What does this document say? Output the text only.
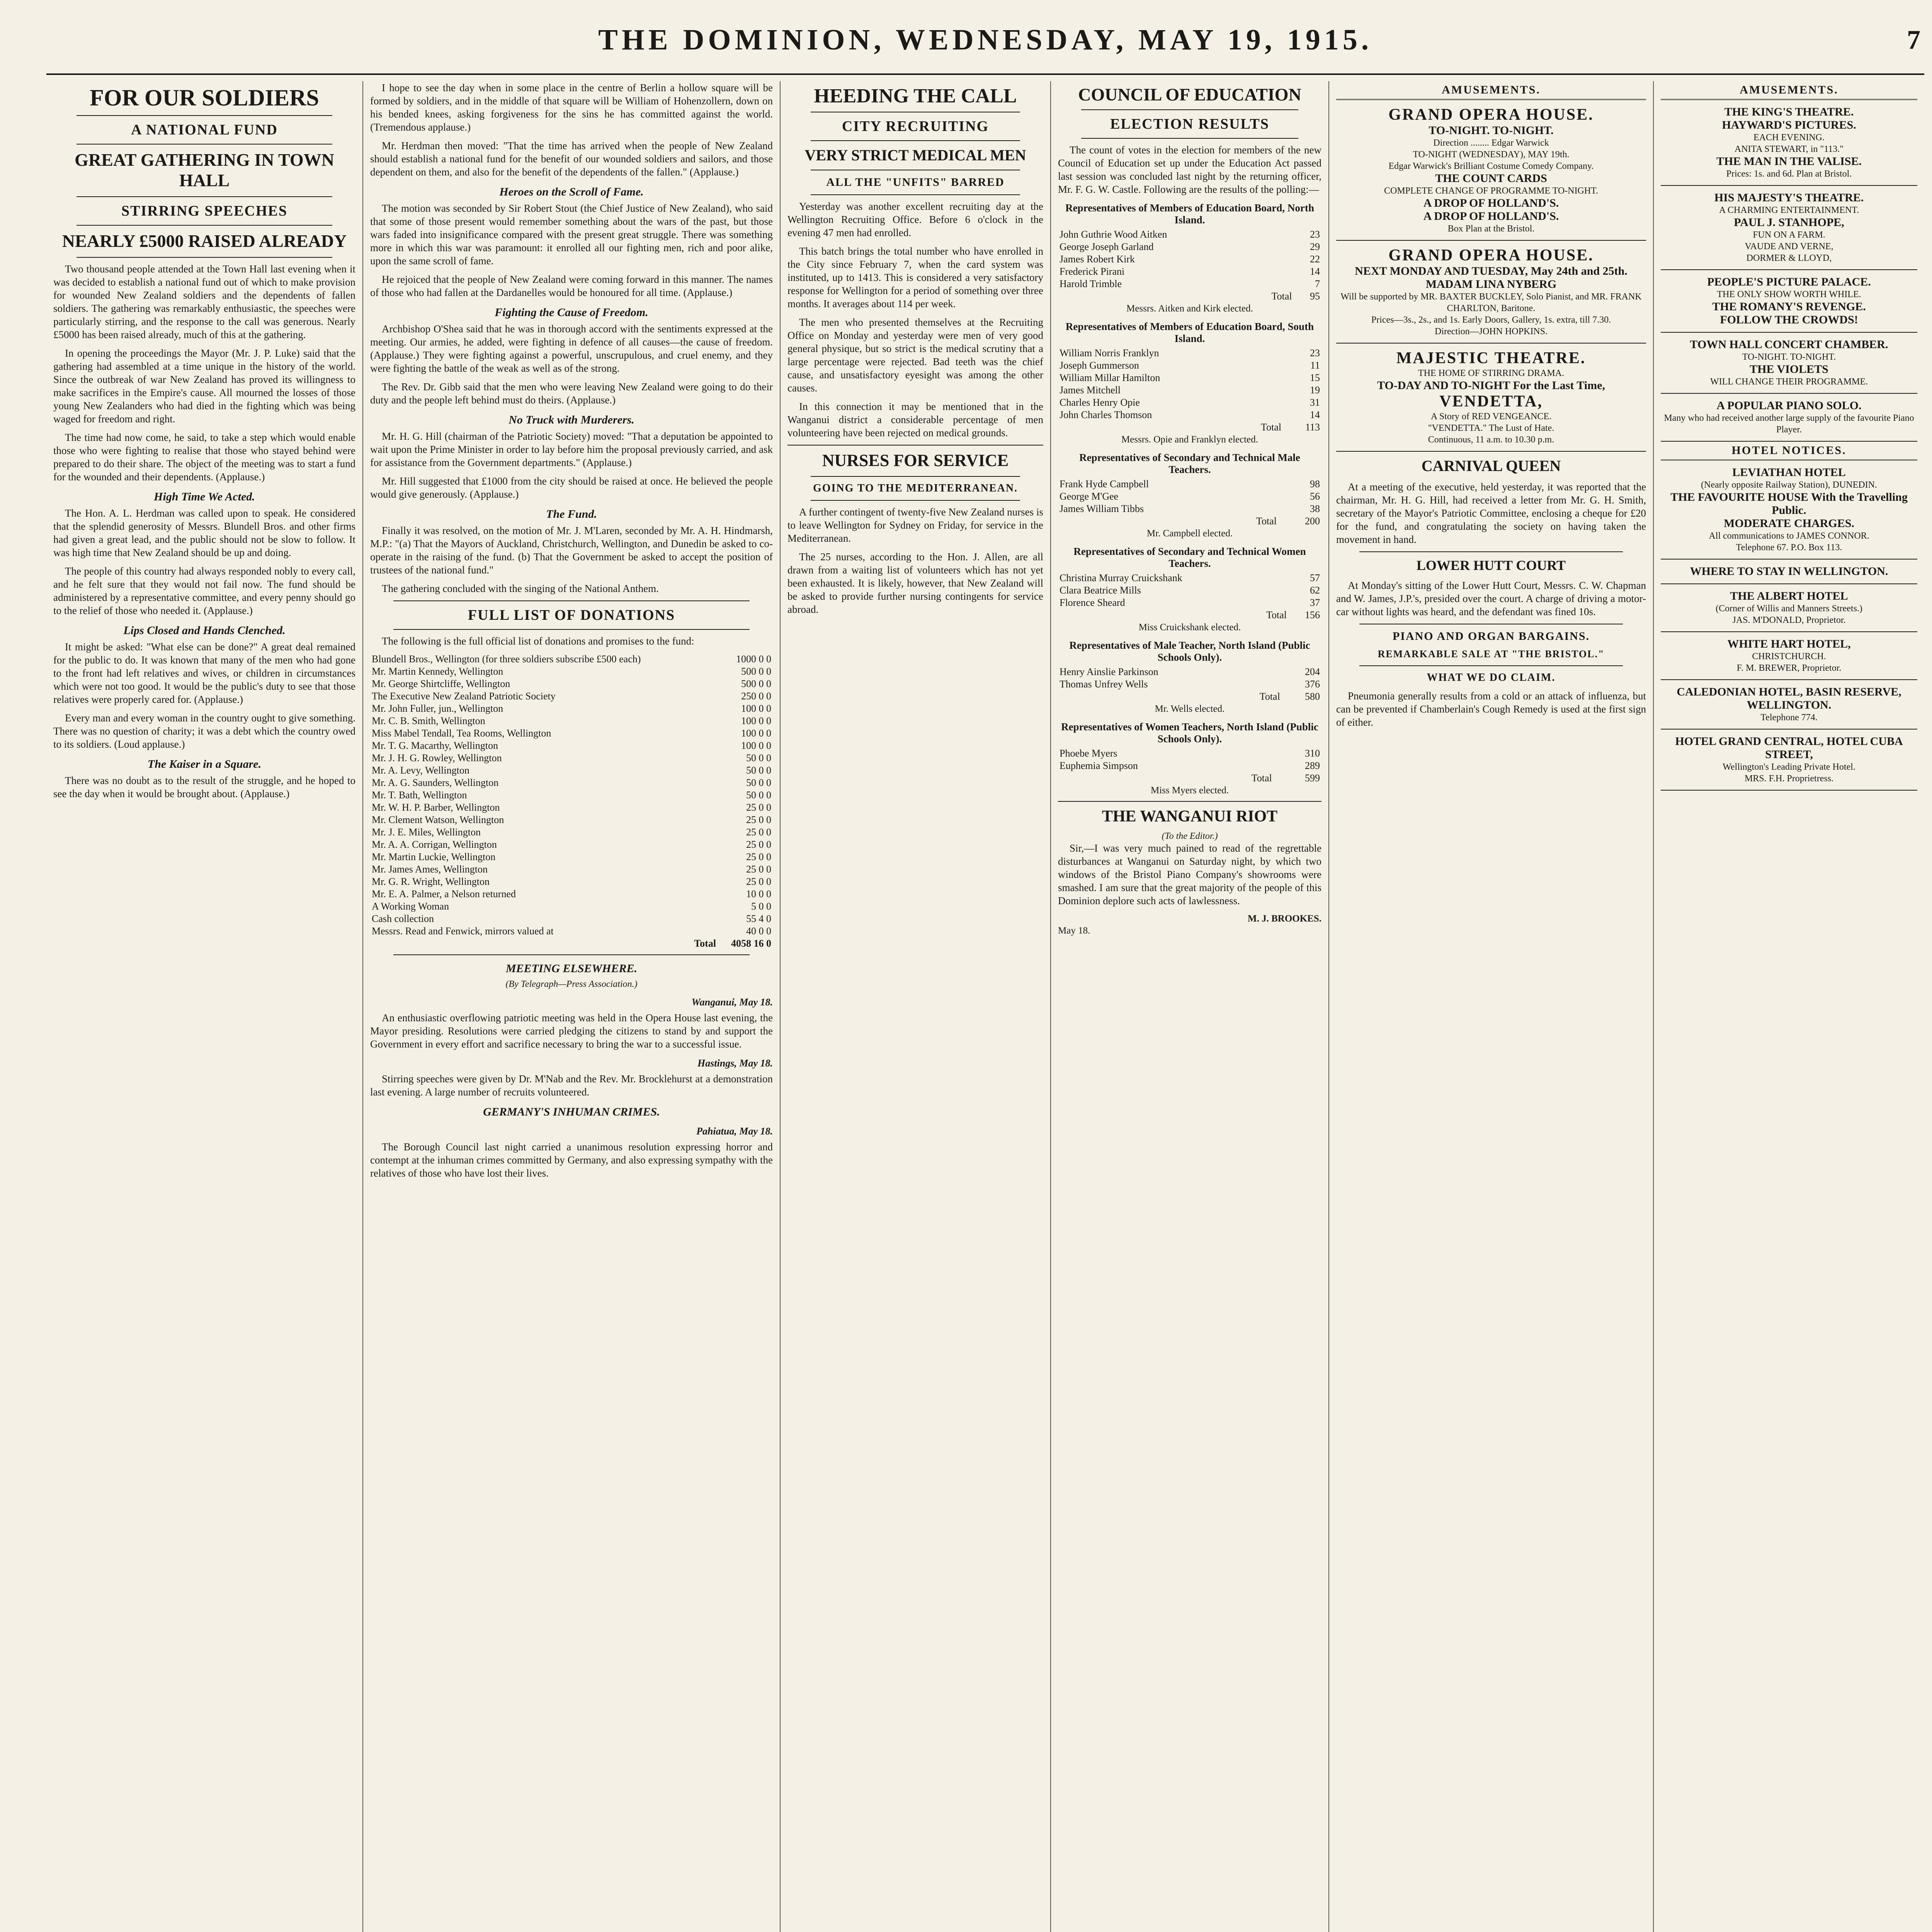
THE DOMINION, WEDNESDAY, MAY 19, 1915.	7
FOR OUR SOLDIERS
A NATIONAL FUND
GREAT GATHERING IN TOWN HALL
STIRRING SPEECHES
NEARLY £5000 RAISED ALREADY

Two thousand people attended at the Town Hall last evening when it was decided to establish a national fund out of which to make provision for wounded New Zealand soldiers and the dependents of fallen soldiers. The gathering was remarkably enthusiastic, the speeches were particularly stirring, and the response to the call was generous. Nearly £5000 has been raised already, much of this at the gathering.

In opening the proceedings the Mayor (Mr. J. P. Luke) said that the gathering had assembled at a time unique in the history of the world. Since the outbreak of war New Zealand has proved its willingness to make sacrifices in the Empire's cause. All mourned the losses of those young New Zealanders who had died in the fighting which was being waged for freedom and right.

The time had now come, he said, to take a step which would enable those who were fighting to realise that those who stayed behind were prepared to do their share. The object of the meeting was to start a fund for the wounded and their dependents. (Applause.)

High Time We Acted.

The Hon. A. L. Herdman was called upon to speak. He considered that the splendid generosity of Messrs. Blundell Bros. and other firms had given a great lead, and the public should not be slow to follow. It was high time that New Zealand should be up and doing.

The people of this country had always responded nobly to every call, and he felt sure that they would not fail now. The fund should be administered by a representative committee, and every penny should go to the relief of those who needed it. (Applause.)

Lips Closed and Hands Clenched.

It might be asked: "What else can be done?" A great deal remained for the public to do. It was known that many of the men who had gone to the front had left relatives and wives, or children in circumstances which were not too good. It would be the public's duty to see that those relatives were properly cared for. (Applause.)

Every man and every woman in the country ought to give something. There was no question of charity; it was a debt which the country owed to its soldiers. (Loud applause.)

The Kaiser in a Square.

There was no doubt as to the result of the struggle, and he hoped to see the day when it would be brought about. (Applause.)

I hope to see the day when in some place in the centre of Berlin a hollow square will be formed by soldiers, and in the middle of that square will be William of Hohenzollern, down on his bended knees, asking forgiveness for the sins he has committed against the world. (Tremendous applause.)

Mr. Herdman then moved: "That the time has arrived when the people of New Zealand should establish a national fund for the benefit of our wounded soldiers and sailors, and those dependent on them, and also for the benefit of the dependents of the fallen." (Applause.)

Heroes on the Scroll of Fame.

The motion was seconded by Sir Robert Stout (the Chief Justice of New Zealand), who said that some of those present would remember something about the wars of the past, but those wars faded into insignificance compared with the present great struggle. There was something more in which this war was paramount: it enrolled all our fighting men, rich and poor alike, upon the same scroll of fame.

He rejoiced that the people of New Zealand were coming forward in this manner. The names of those who had fallen at the Dardanelles would be honoured for all time. (Applause.)

Fighting the Cause of Freedom.

Archbishop O'Shea said that he was in thorough accord with the sentiments expressed at the meeting. Our armies, he added, were fighting in defence of all causes—the cause of freedom. (Applause.) They were fighting against a powerful, unscrupulous, and cruel enemy, and they were fighting the battle of the weak as well as of the strong.

The Rev. Dr. Gibb said that the men who were leaving New Zealand were going to do their duty and the people left behind must do theirs. (Applause.)

No Truck with Murderers.

Mr. H. G. Hill (chairman of the Patriotic Society) moved: "That a deputation be appointed to wait upon the Prime Minister in order to lay before him the proposal previously carried, and ask for assistance from the Government departments." (Applause.)

Mr. Hill suggested that £1000 from the city should be raised at once. He believed the people would give generously. (Applause.)

The Fund.

Finally it was resolved, on the motion of Mr. J. M'Laren, seconded by Mr. A. H. Hindmarsh, M.P.: "(a) That the Mayors of Auckland, Christchurch, Wellington, and Dunedin be asked to co-operate in the raising of the fund. (b) That the Government be asked to accept the position of trustees of the national fund."

The gathering concluded with the singing of the National Anthem.

FULL LIST OF DONATIONS

The following is the full official list of donations and promises to the fund:

Blundell Bros., Wellington (for three soldiers subscribe £500 each)	1000 0 0
Mr. Martin Kennedy, Wellington	500 0 0
Mr. George Shirtcliffe, Wellington	500 0 0
The Executive New Zealand Patriotic Society	250 0 0
Mr. John Fuller, jun., Wellington	100 0 0
Mr. C. B. Smith, Wellington	100 0 0
Miss Mabel Tendall, Tea Rooms, Wellington	100 0 0
Mr. T. G. Macarthy, Wellington	100 0 0
Mr. J. H. G. Rowley, Wellington	50 0 0
Mr. A. Levy, Wellington	50 0 0
Mr. A. G. Saunders, Wellington	50 0 0
Mr. T. Bath, Wellington	50 0 0
Mr. W. H. P. Barber, Wellington	25 0 0
Mr. Clement Watson, Wellington	25 0 0
Mr. J. E. Miles, Wellington	25 0 0
Mr. A. A. Corrigan, Wellington	25 0 0
Mr. Martin Luckie, Wellington	25 0 0
Mr. James Ames, Wellington	25 0 0
Mr. G. R. Wright, Wellington	25 0 0
Mr. E. A. Palmer, a Nelson returned	10 0 0
A Working Woman	5 0 0
Cash collection	55 4 0
Messrs. Read and Fenwick, mirrors valued at	40 0 0
Total	4058 16 0
MEETING ELSEWHERE.
(By Telegraph—Press Association.)
Wanganui, May 18.

An enthusiastic overflowing patriotic meeting was held in the Opera House last evening, the Mayor presiding. Resolutions were carried pledging the citizens to stand by and support the Government in every effort and sacrifice necessary to bring the war to a successful issue.

Hastings, May 18.

Stirring speeches were given by Dr. M'Nab and the Rev. Mr. Brocklehurst at a demonstration last evening. A large number of recruits volunteered.

GERMANY'S INHUMAN CRIMES.
Pahiatua, May 18.

The Borough Council last night carried a unanimous resolution expressing horror and contempt at the inhuman crimes committed by Germany, and also expressing sympathy with the relatives of those who have lost their lives.

HEEDING THE CALL
CITY RECRUITING
VERY STRICT MEDICAL MEN
ALL THE "UNFITS" BARRED

Yesterday was another excellent recruiting day at the Wellington Recruiting Office. Before 6 o'clock in the evening 47 men had enrolled.

This batch brings the total number who have enrolled in the City since February 7, when the card system was instituted, up to 1413. This is considered a very satisfactory response for Wellington for a period of something over three months. It averages about 114 per week.

The men who presented themselves at the Recruiting Office on Monday and yesterday were men of very good general physique, but so strict is the medical scrutiny that a large percentage were rejected. Bad teeth was the chief cause, and unsatisfactory eyesight was among the other causes.

In this connection it may be mentioned that in the Wanganui district a considerable percentage of men volunteering have been rejected on medical grounds.

NURSES FOR SERVICE
GOING TO THE MEDITERRANEAN.

A further contingent of twenty-five New Zealand nurses is to leave Wellington for Sydney on Friday, for service in the Mediterranean.

The 25 nurses, according to the Hon. J. Allen, are all drawn from a waiting list of volunteers which has not yet been exhausted. It is likely, however, that New Zealand will be asked to provide further nursing contingents for service abroad.

COUNCIL OF EDUCATION
ELECTION RESULTS

The count of votes in the election for members of the new Council of Education set up under the Education Act passed last session was concluded last night by the returning officer, Mr. F. G. W. Castle. Following are the results of the polling:—

Representatives of Members of Education Board, North Island.
John Guthrie Wood Aitken	23
George Joseph Garland	29
James Robert Kirk	22
Frederick Pirani	14
Harold Trimble	7
Total	95
Messrs. Aitken and Kirk elected.
Representatives of Members of Education Board, South Island.
William Norris Franklyn	23
Joseph Gummerson	11
William Millar Hamilton	15
James Mitchell	19
Charles Henry Opie	31
John Charles Thomson	14
Total	113
Messrs. Opie and Franklyn elected.
Representatives of Secondary and Technical Male Teachers.
Frank Hyde Campbell	98
George M'Gee	56
James William Tibbs	38
Total	200
Mr. Campbell elected.
Representatives of Secondary and Technical Women Teachers.
Christina Murray Cruickshank	57
Clara Beatrice Mills	62
Florence Sheard	37
Total	156
Miss Cruickshank elected.
Representatives of Male Teacher, North Island (Public Schools Only).
Henry Ainslie Parkinson	204
Thomas Unfrey Wells	376
Total	580
Mr. Wells elected.
Representatives of Women Teachers, North Island (Public Schools Only).
Phoebe Myers	310
Euphemia Simpson	289
Total	599
Miss Myers elected.
THE WANGANUI RIOT
(To the Editor.)

Sir,—I was very much pained to read of the regrettable disturbances at Wanganui on Saturday night, by which two windows of the Bristol Piano Company's showrooms were smashed. I am sure that the great majority of the people of this Dominion deplore such acts of lawlessness.

M. J. BROOKES.
May 18.
AMUSEMENTS.
GRAND OPERA HOUSE.
TO-NIGHT. TO-NIGHT.
Direction ........ Edgar Warwick
TO-NIGHT (WEDNESDAY), MAY 19th.
Edgar Warwick's Brilliant Costume Comedy Company.
THE COUNT CARDS
COMPLETE CHANGE OF PROGRAMME TO-NIGHT.
A DROP OF HOLLAND'S.
A DROP OF HOLLAND'S.
Box Plan at the Bristol.
GRAND OPERA HOUSE.
NEXT MONDAY AND TUESDAY, May 24th and 25th.
MADAM LINA NYBERG
Will be supported by MR. BAXTER BUCKLEY, Solo Pianist, and MR. FRANK CHARLTON, Baritone.
Prices—3s., 2s., and 1s. Early Doors, Gallery, 1s. extra, till 7.30.
Direction—JOHN HOPKINS.
MAJESTIC THEATRE.
THE HOME OF STIRRING DRAMA.
TO-DAY AND TO-NIGHT For the Last Time,
VENDETTA,
A Story of RED VENGEANCE.
"VENDETTA." The Lust of Hate.
Continuous, 11 a.m. to 10.30 p.m.
CARNIVAL QUEEN

At a meeting of the executive, held yesterday, it was reported that the chairman, Mr. H. G. Hill, had received a letter from Mr. G. H. Smith, secretary of the Mayor's Patriotic Committee, enclosing a cheque for £20 for the fund, and congratulating the society on having taken the movement in hand.

LOWER HUTT COURT

At Monday's sitting of the Lower Hutt Court, Messrs. C. W. Chapman and W. James, J.P.'s, presided over the court. A charge of driving a motor-car without lights was heard, and the defendant was fined 10s.

PIANO AND ORGAN BARGAINS.
REMARKABLE SALE AT "THE BRISTOL."
WHAT WE DO CLAIM.

Pneumonia generally results from a cold or an attack of influenza, but can be prevented if Chamberlain's Cough Remedy is used at the first sign of either.

AMUSEMENTS.
THE KING'S THEATRE.
HAYWARD'S PICTURES.
EACH EVENING.
ANITA STEWART, in "113."
THE MAN IN THE VALISE.
Prices: 1s. and 6d. Plan at Bristol.
HIS MAJESTY'S THEATRE.
A CHARMING ENTERTAINMENT.
PAUL J. STANHOPE,
FUN ON A FARM.
VAUDE AND VERNE,
DORMER & LLOYD,
PEOPLE'S PICTURE PALACE.
THE ONLY SHOW WORTH WHILE.
THE ROMANY'S REVENGE.
FOLLOW THE CROWDS!
TOWN HALL CONCERT CHAMBER.
TO-NIGHT. TO-NIGHT.
THE VIOLETS
WILL CHANGE THEIR PROGRAMME.
A POPULAR PIANO SOLO.
Many who had received another large supply of the favourite Piano Player.
HOTEL NOTICES.
LEVIATHAN HOTEL
(Nearly opposite Railway Station), DUNEDIN.
THE FAVOURITE HOUSE With the Travelling Public.
MODERATE CHARGES.
All communications to JAMES CONNOR.
Telephone 67. P.O. Box 113.
WHERE TO STAY IN WELLINGTON.
THE ALBERT HOTEL
(Corner of Willis and Manners Streets.)
JAS. M'DONALD, Proprietor.
WHITE HART HOTEL,
CHRISTCHURCH.
F. M. BREWER, Proprietor.
CALEDONIAN HOTEL, BASIN RESERVE, WELLINGTON.
Telephone 774.
HOTEL GRAND CENTRAL, HOTEL CUBA STREET,
Wellington's Leading Private Hotel.
MRS. F.H. Proprietress.
